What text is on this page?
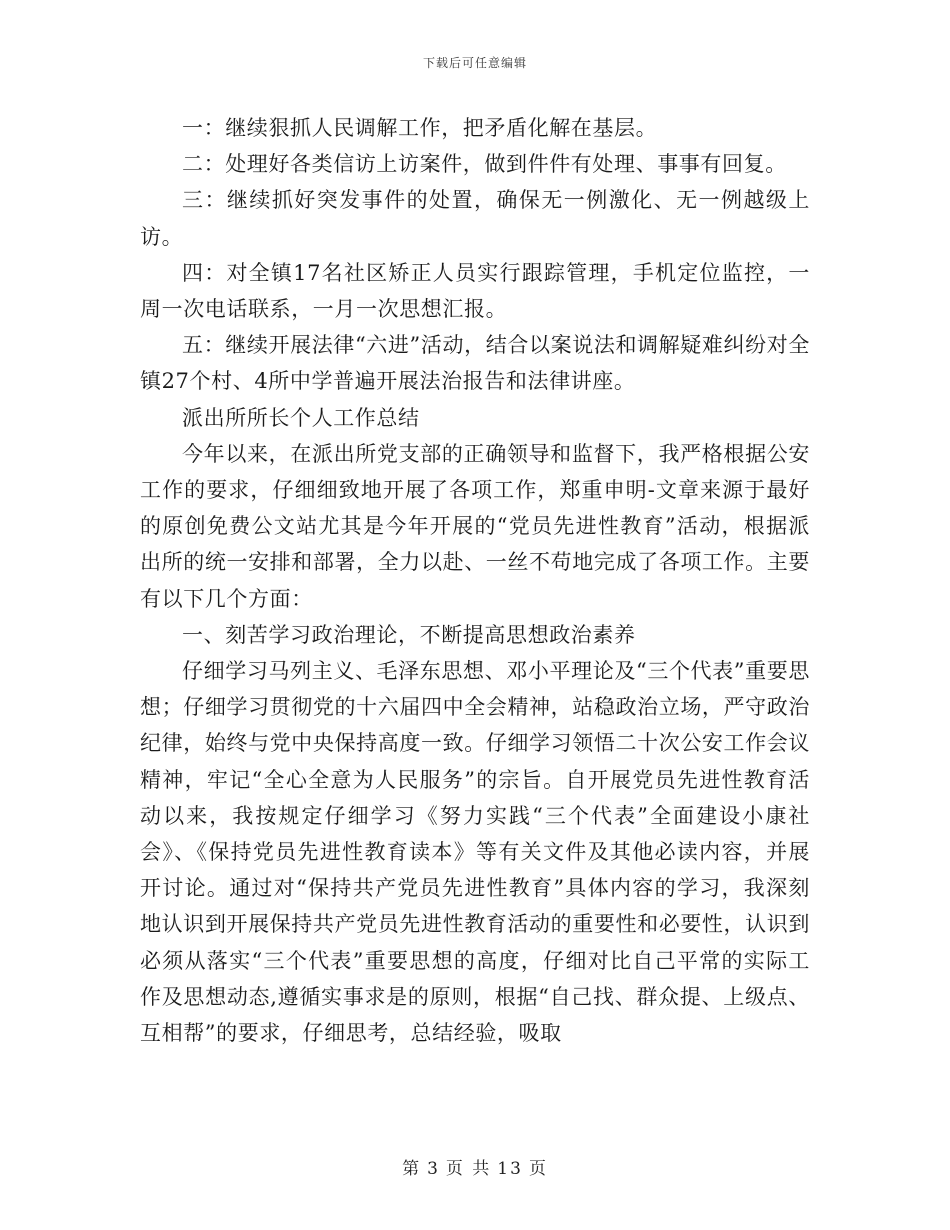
下载后可任意编辑

一：继续狠抓人民调解工作，把矛盾化解在基层。

二：处理好各类信访上访案件，做到件件有处理、事事有回复。

三：继续抓好突发事件的处置，确保无一例激化、无一例越级上访。

四：对全镇17名社区矫正人员实行跟踪管理，手机定位监控，一周一次电话联系，一月一次思想汇报。

五：继续开展法律“六进”活动，结合以案说法和调解疑难纠纷对全镇27个村、4所中学普遍开展法治报告和法律讲座。

派出所所长个人工作总结

今年以来，在派出所党支部的正确领导和监督下，我严格根据公安工作的要求，仔细细致地开展了各项工作，郑重申明-文章来源于最好的原创免费公文站尤其是今年开展的“党员先进性教育”活动，根据派出所的统一安排和部署，全力以赴、一丝不苟地完成了各项工作。主要有以下几个方面：

一、刻苦学习政治理论，不断提高思想政治素养

仔细学习马列主义、毛泽东思想、邓小平理论及“三个代表”重要思想；仔细学习贯彻党的十六届四中全会精神，站稳政治立场，严守政治纪律，始终与党中央保持高度一致。仔细学习领悟二十次公安工作会议精神，牢记“全心全意为人民服务”的宗旨。自开展党员先进性教育活动以来，我按规定仔细学习《努力实践“三个代表”全面建设小康社会》、《保持党员先进性教育读本》等有关文件及其他必读内容，并展开讨论。通过对“保持共产党员先进性教育”具体内容的学习，我深刻地认识到开展保持共产党员先进性教育活动的重要性和必要性，认识到必须从落实“三个代表”重要思想的高度，仔细对比自己平常的实际工作及思想动态,遵循实事求是的原则，根据“自己找、群众提、上级点、互相帮”的要求，仔细思考，总结经验，吸取

第 3 页 共 13 页
